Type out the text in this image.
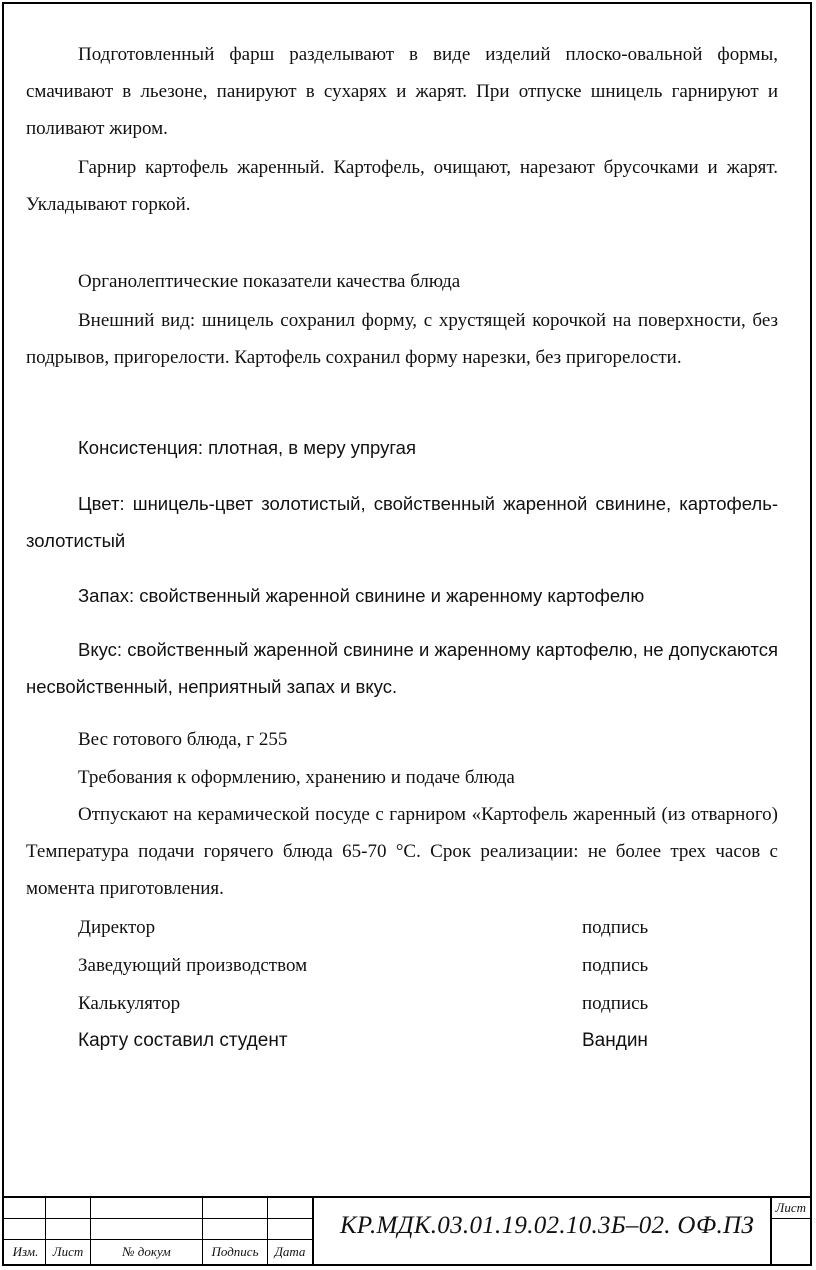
Подготовленный фарш разделывают в виде изделий плоско-овальной формы, смачивают в льезоне, панируют в сухарях и жарят. При отпуске шницель гарнируют и поливают жиром.

Гарнир картофель жаренный. Картофель, очищают, нарезают брусочками и жарят. Укладывают горкой.

Органолептические показатели качества блюда

Внешний вид: шницель сохранил форму, с хрустящей корочкой на поверхности, без подрывов, пригорелости. Картофель сохранил форму нарезки, без пригорелости.

Консистенция: плотная, в меру упругая

Цвет: шницель-цвет золотистый, свойственный жаренной свинине, картофель- золотистый

Запах: свойственный жаренной свинине и жаренному картофелю

Вкус: свойственный жаренной свинине и жаренному картофелю, не допускаются несвойственный, неприятный запах и вкус.

Вес готового блюда, г 255

Требования к оформлению, хранению и подаче блюда

Отпускают на керамической посуде с гарниром «Картофель жаренный (из отварного) Температура подачи горячего блюда 65-70 °С. Срок реализации: не более трех часов с момента приготовления.

Директор	подпись
Заведующий производством	подпись
Калькулятор	подпись
Карту составил студент	Вандин
Изм.	Лист	№ докум	Подпись	Дата
КР.МДК.03.01.19.02.10.3Б–02. ОФ.ПЗ
Лист
